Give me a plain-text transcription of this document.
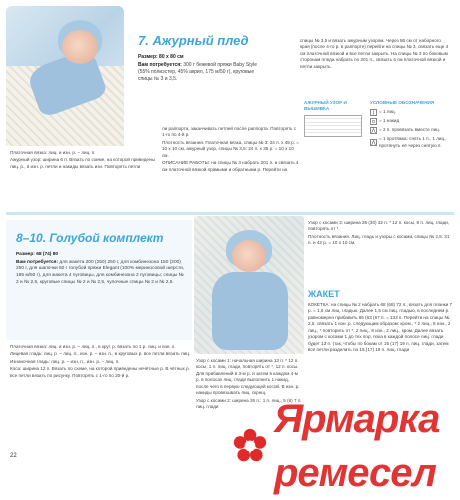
7. Ажурный плед

Размер: 80 x 80 см

Вам потребуется: 300 г бежевой пряжи Baby Style (55% полиэстер, 45% акрил, 175 м/50 г), круговые спицы № 3 и 3,5.

спицы № 3,5 и вязать ажурным узором. Через 86 см от наборного края (после 4-го р. в раппорте) перейти на спицы № 3, связать еще 4 см платочной вязкой и все петли закрыть. На спицы № 3 по боковым сторонам пледа набрать по 201 п., связать 4 см платочной вязкой и петли закрыть.

АЖУРНЫЙ УЗОР И ВЫШИВКА
УСЛОВНЫЕ ОБОЗНАЧЕНИЯ
|	= 1 лиц.
o = 1 накид
⋀ = 2 п. провязать вместе лиц.
⋀
= 1 протяжка: снять 1 п., 1 лиц., протянуть её через снятую п.

Платочная вязка: лиц. и изн. р. – лиц. п.

Ажурный узор: ширина 6 п. Вязать по схеме, на которой приведены лиц. р., в изн. р. петли и накиды вязать изн. Повторять петли

ли раппорта, заканчивать петлей после раппорта. Повторять с 1-го по 4-й р.

Плотность вязания. Платочная вязка, спицы № 3: 24 п. x 45 р. = 10 x 10 см, ажурный узор, спицы № 3,5: 24 п. x 35 р. = 10 x 10 см.

ОПИСАНИЕ РАБОТЫ: на спицы № 3 набрать 201 п. и связать 4 см платочной вязкой прямыми и обратными р. Перейти на

8–10. Голубой комплект

Размер: 68 (74) 80

Вам потребуется: для жакета 200 (250) 250 г, для комбинезона 150 (200) 250 г, для шапочки 50 г голубой пряжи Elegant (100% мериносовой шерсти, 195 м/50 г), для жакета 4 пуговицы, для комбинезона 2 пуговицы; спицы № 2 и № 2,5, круговые спицы № 2 и № 2,5, чулочные спицы № 2 и № 2,5.

Узор с косами 3: ширина 26 (30) 32 п. * 12 п. косы, 8 п. лиц. глади, повторять от *.

Плотность вязания. Лиц. гладь и узоры с косами, спицы № 2,5: 31 п. и 42 р. = 10 x 10 см.

ЖАКЕТ

КОКЕТКА: на спицы № 2 набрать 68 (68) 72 п., вязать для планки 7 р. = 1,5 см лиц. гладью. Далее 1,5 см лиц. гладью, в последнем р. равномерно прибавить 65 (63 (67 п. = 133 п. Перейти на спицы № 2,5, связать 1 изн. р. следующим образом: кром., * 2 лиц., 8 изн., 2 лиц., * повторить от *, 2 лиц., 8 изн., 2 лиц., кром. Далее вязать узором с косами 1 до тех пор, пока в каждой полосе лиц. глади будет 13 п. (так, чтобы по бокам от 15 (17) 19 п. лиц. глади, затем все петли разделить по 15 (17) 19 п. лиц. глади

Платочная вязка: лиц. и изн. р. – лиц. п., в круг. р. вязать по 1 р. лиц. и изн. п.

Лицевая гладь: лиц. р. – лиц. п., изн. р. – изн. п., в круговых р. все петли вязать лиц.

Изнаночная гладь: лиц. р. – изн. п., изн. р. – лиц. п.

Коса: ширина 12 п. Вязать по схеме, на которой приведены нечётные р. В чётных р. все петли вязать по рисунку. Повторять с 1-го по 20-й р.

Узор с косами 1: начальная ширина 13 п. * 12 п. косы, 1 п. лиц. глади, повторять от *, 12 п. косы. Для прибавлений в 3-м р. и затем в каждом 4-м р. в полосах лиц. глади выполнить 1 накид, после чего в первую следующей косой. В изн. р. накиды провязывать лиц. скрещ.

Узор с косами 2: ширина 26 п.: 1 п. лиц., 5 (6) 7 п. лиц. глади

22
Ярмарка ремесел
